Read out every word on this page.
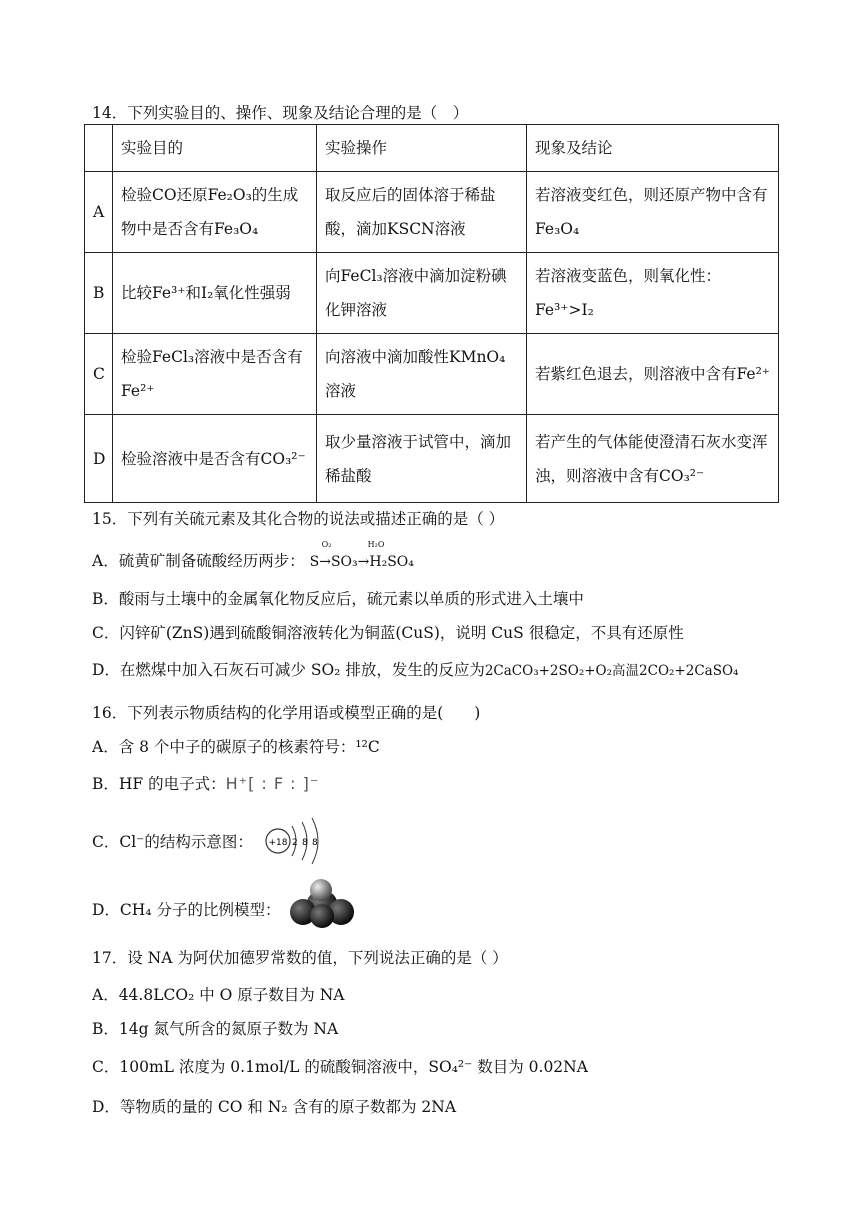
14．下列实验目的、操作、现象及结论合理的是（　）
	实验目的	实验操作	现象及结论
A	检验CO还原Fe₂O₃的生成物中是否含有Fe₃O₄	取反应后的固体溶于稀盐酸，滴加KSCN溶液	若溶液变红色，则还原产物中含有Fe₃O₄
B	比较Fe³⁺和I₂氧化性强弱	向FeCl₃溶液中滴加淀粉碘化钾溶液	若溶液变蓝色，则氧化性：Fe³⁺>I₂
C	检验FeCl₃溶液中是否含有Fe²⁺	向溶液中滴加酸性KMnO₄溶液	若紫红色退去，则溶液中含有Fe²⁺
D	检验溶液中是否含有CO₃²⁻	取少量溶液于试管中，滴加稀盐酸	若产生的气体能使澄清石灰水变浑浊，则溶液中含有CO₃²⁻
15．下列有关硫元素及其化合物的说法或描述正确的是（ ）
A．硫黄矿制备硫酸经历两步：
O₂	H₂O
S→SO₃→H₂SO₄
B．酸雨与土壤中的金属氧化物反应后，硫元素以单质的形式进入土壤中
C．闪锌矿(ZnS)遇到硫酸铜溶液转化为铜蓝(CuS)，说明 CuS 很稳定，不具有还原性
D．在燃煤中加入石灰石可减少 SO₂ 排放，发生的反应为2CaCO₃+2SO₂+O₂高温2CO₂+2CaSO₄
16．下列表示物质结构的化学用语或模型正确的是(　　)
A．含 8 个中子的碳原子的核素符号：¹²C
B．HF 的电子式：H⁺[ : F : ]⁻
C．Cl⁻的结构示意图： +18 2 8 8
D．CH₄ 分子的比例模型：
17．设 NA 为阿伏加德罗常数的值，下列说法正确的是（ ）
A．44.8LCO₂ 中 O 原子数目为 NA
B．14g 氮气所含的氮原子数为 NA
C．100mL 浓度为 0.1mol/L 的硫酸铜溶液中，SO₄²⁻ 数目为 0.02NA
D．等物质的量的 CO 和 N₂ 含有的原子数都为 2NA
